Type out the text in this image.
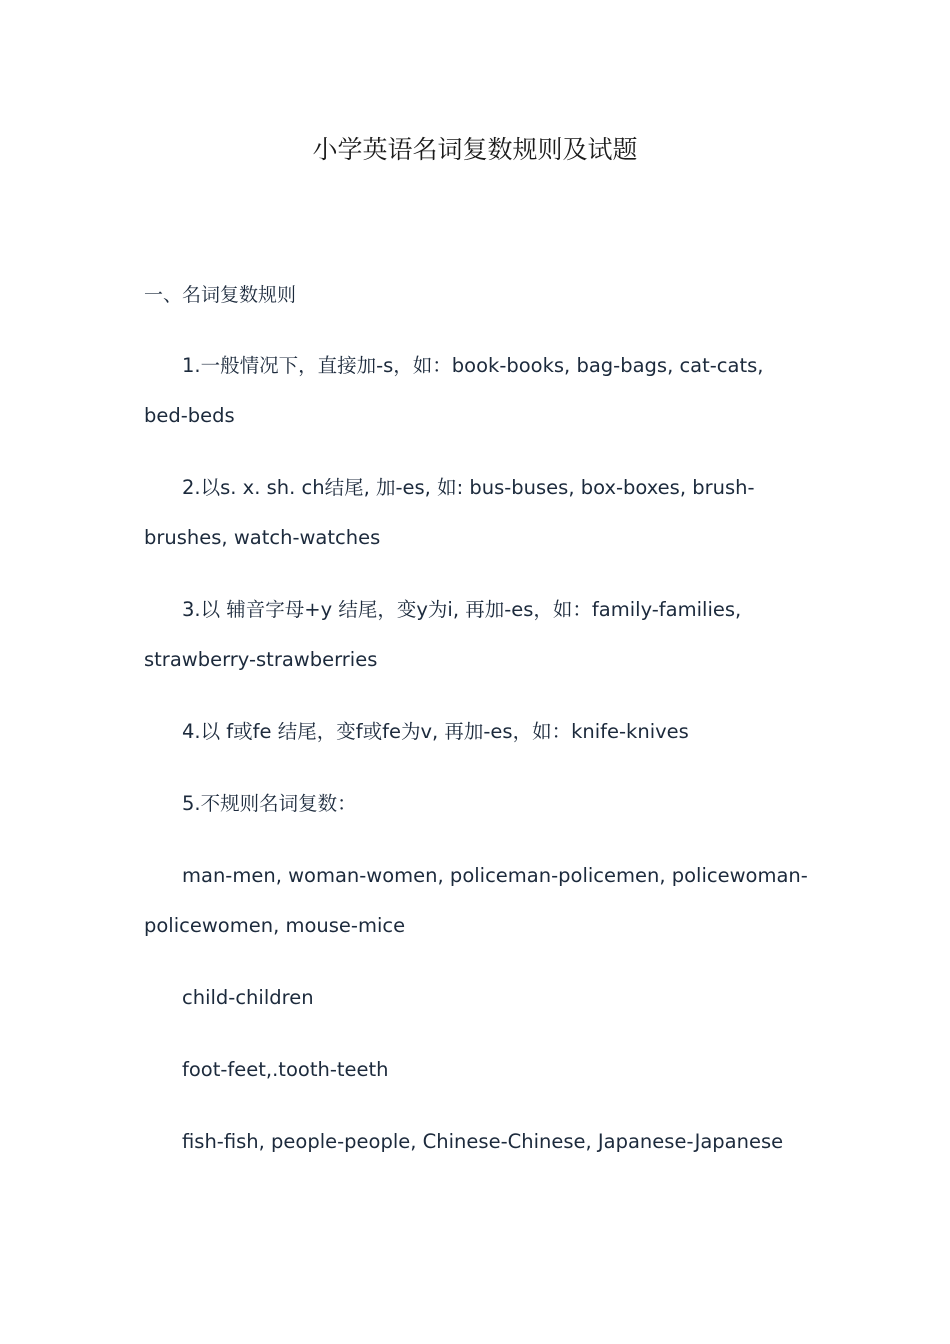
小学英语名词复数规则及试题
一、名词复数规则

1.一般情况下，直接加-s，如：book-books, bag-bags, cat-cats, bed-beds

2.以s. x. sh. ch结尾, 加-es, 如: bus-buses, box-boxes, brush-brushes, watch-watches

3.以 辅音字母+y 结尾，变y为i, 再加-es，如：family-families, strawberry-strawberries

4.以 f或fe 结尾，变f或fe为v, 再加-es，如：knife-knives

5.不规则名词复数：

man-men, woman-women, policeman-policemen, policewoman-policewomen, mouse-mice

child-children

foot-feet,.tooth-teeth

fish-fish, people-people, Chinese-Chinese, Japanese-Japanese
